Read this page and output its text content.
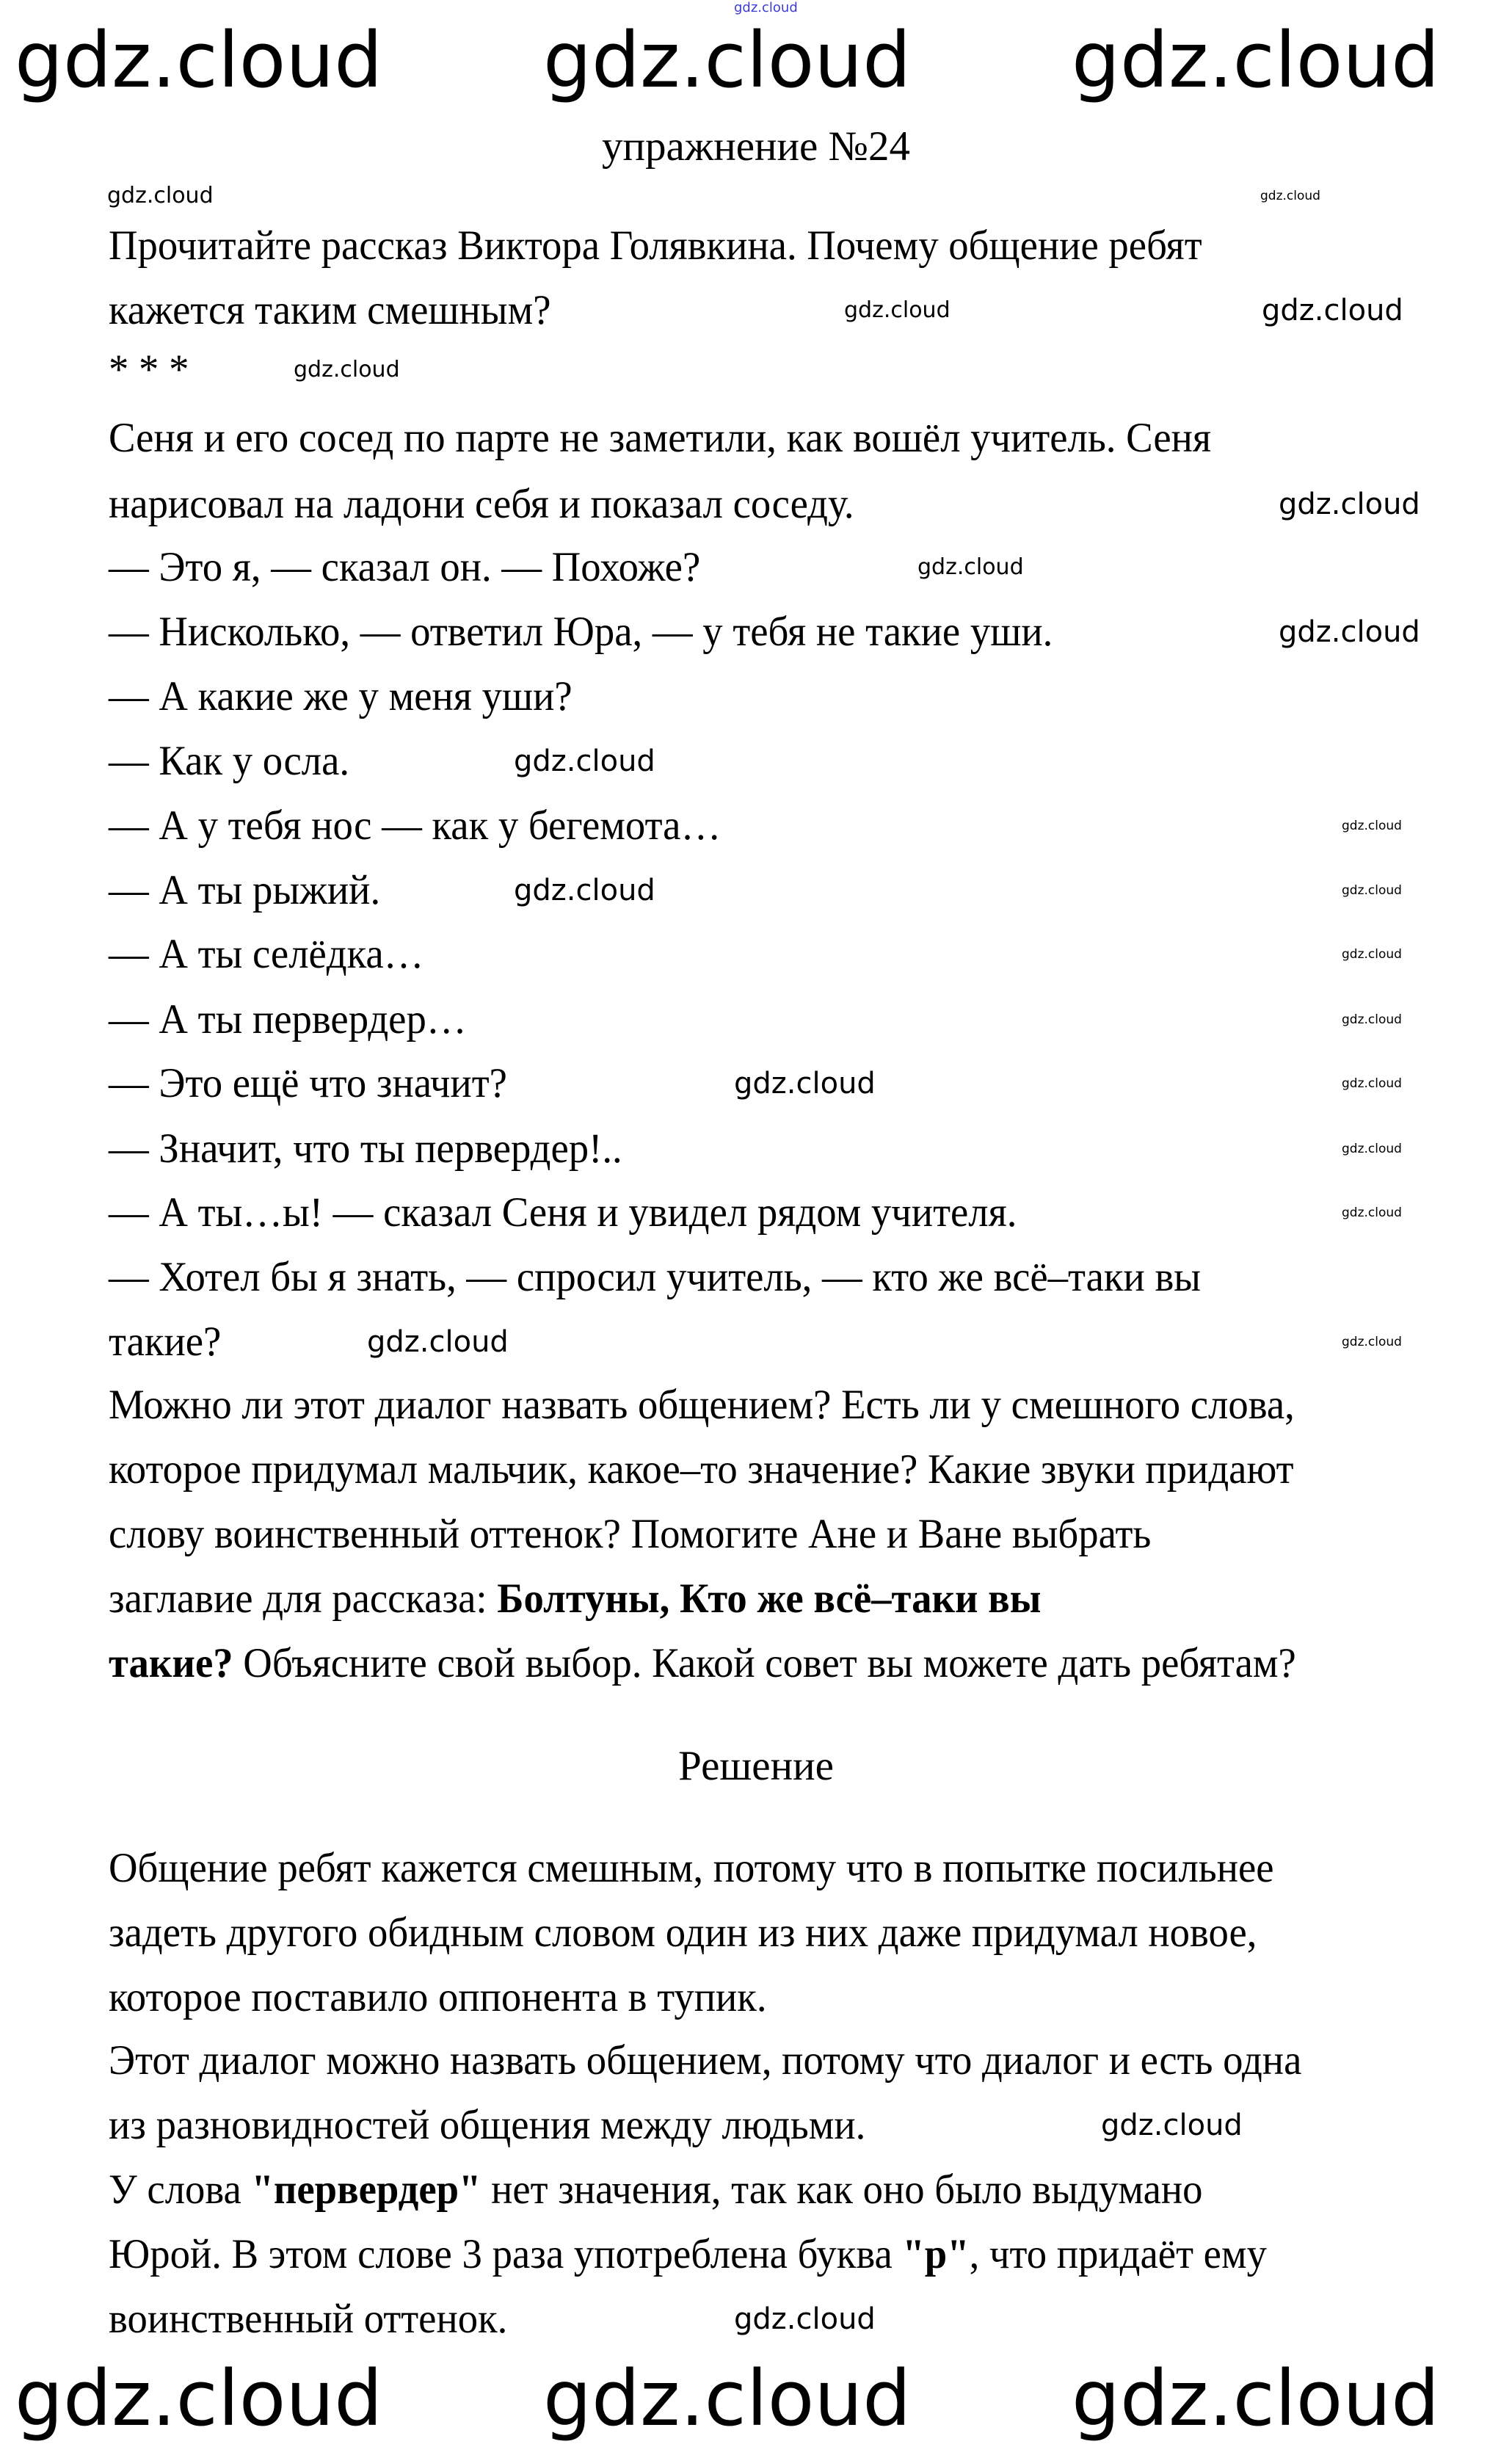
упражнение №24
Прочитайте рассказ Виктора Голявкина. Почему общение ребят
кажется таким смешным?
* * *
Сеня и его сосед по парте не заметили, как вошёл учитель. Сеня
нарисовал на ладони себя и показал соседу.
— Это я, — сказал он. — Похоже?
— Нисколько, — ответил Юра, — у тебя не такие уши.
— А какие же у меня уши?
— Как у осла.
— А у тебя нос — как у бегемота…
— А ты рыжий.
— А ты селёдка…
— А ты первердер…
— Это ещё что значит?
— Значит, что ты первердер!..
— А ты…ы! — сказал Сеня и увидел рядом учителя.
— Хотел бы я знать, — спросил учитель, — кто же всё–таки вы
такие?
Можно ли этот диалог назвать общением? Есть ли у смешного слова,
которое придумал мальчик, какое–то значение? Какие звуки придают
слову воинственный оттенок? Помогите Ане и Ване выбрать
заглавие для рассказа: Болтуны, Кто же всё–таки вы
такие? Объясните свой выбор. Какой совет вы можете дать ребятам?
Решение
Общение ребят кажется смешным, потому что в попытке посильнее
задеть другого обидным словом один из них даже придумал новое,
которое поставило оппонента в тупик.
Этот диалог можно назвать общением, потому что диалог и есть одна
из разновидностей общения между людьми.
У слова "первердер" нет значения, так как оно было выдумано
Юрой. В этом слове 3 раза употреблена буква "р", что придаёт ему
воинственный оттенок.
gdz.cloud
gdz.cloud gdz.cloud gdz.cloud
gdz.cloud	gdz.cloud
gdz.cloud	gdz.cloud
gdz.cloud
gdz.cloud
gdz.cloud
gdz.cloud
gdz.cloud
gdz.cloud
gdz.cloud	gdz.cloud
gdz.cloud
gdz.cloud
gdz.cloud	gdz.cloud
gdz.cloud
gdz.cloud
gdz.cloud	gdz.cloud
gdz.cloud
gdz.cloud
gdz.cloud gdz.cloud gdz.cloud
